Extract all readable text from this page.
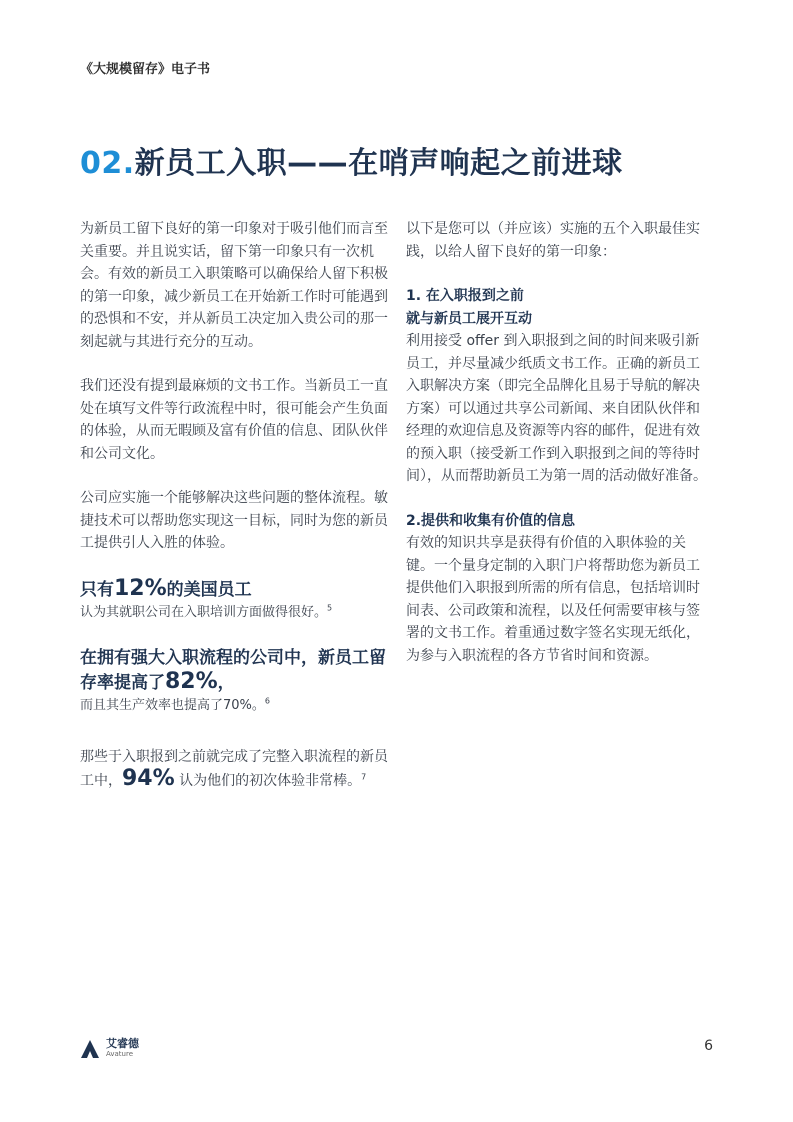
《大规模留存》电子书
02.新员工入职——在哨声响起之前进球

为新员工留下良好的第一印象对于吸引他们而言至关重要。并且说实话，留下第一印象只有一次机会。有效的新员工入职策略可以确保给人留下积极的第一印象，减少新员工在开始新工作时可能遇到的恐惧和不安，并从新员工决定加入贵公司的那一刻起就与其进行充分的互动。

我们还没有提到最麻烦的文书工作。当新员工一直处在填写文件等行政流程中时，很可能会产生负面的体验，从而无暇顾及富有价值的信息、团队伙伴和公司文化。

公司应实施一个能够解决这些问题的整体流程。敏捷技术可以帮助您实现这一目标，同时为您的新员工提供引人入胜的体验。

只有12%的美国员工

认为其就职公司在入职培训方面做得很好。$^5$

在拥有强大入职流程的公司中，新员工留存率提高了82%，

而且其生产效率也提高了70%。$^6$

那些于入职报到之前就完成了完整入职流程的新员工中，94% 认为他们的初次体验非常棒。$^7$

以下是您可以（并应该）实施的五个入职最佳实践，以给人留下良好的第一印象：

1. 在入职报到之前
就与新员工展开互动

利用接受 offer 到入职报到之间的时间来吸引新员工，并尽量减少纸质文书工作。正确的新员工入职解决方案（即完全品牌化且易于导航的解决方案）可以通过共享公司新闻、来自团队伙伴和经理的欢迎信息及资源等内容的邮件，促进有效的预入职（接受新工作到入职报到之间的等待时间），从而帮助新员工为第一周的活动做好准备。

2.提供和收集有价值的信息

有效的知识共享是获得有价值的入职体验的关键。一个量身定制的入职门户将帮助您为新员工提供他们入职报到所需的所有信息，包括培训时间表、公司政策和流程，以及任何需要审核与签署的文书工作。着重通过数字签名实现无纸化，为参与入职流程的各方节省时间和资源。

艾睿德
Avature	6
